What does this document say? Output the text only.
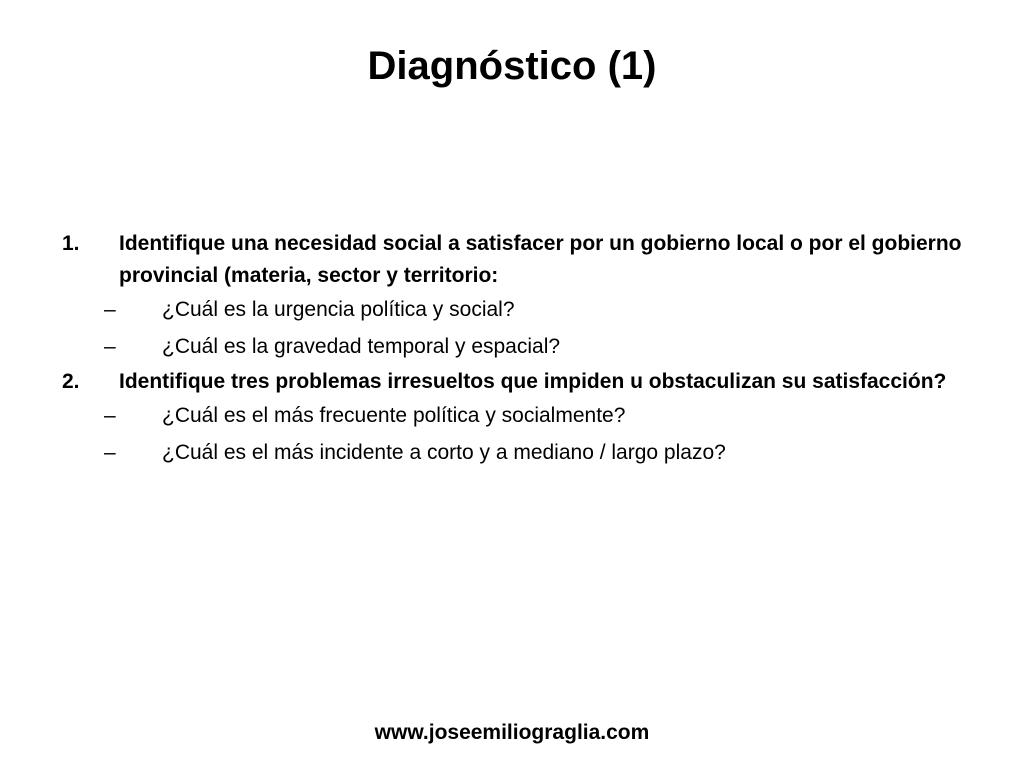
Diagnóstico (1)
1. Identifique una necesidad social a satisfacer por un gobierno local o por el gobierno provincial (materia, sector y territorio:
– ¿Cuál es la urgencia política y social?
– ¿Cuál es la gravedad temporal y espacial?
2. Identifique tres problemas irresueltos que impiden u obstaculizan su satisfacción?
– ¿Cuál es el más frecuente política y socialmente?
– ¿Cuál es el más incidente a corto y a mediano / largo plazo?
www.joseemiliograglia.com
